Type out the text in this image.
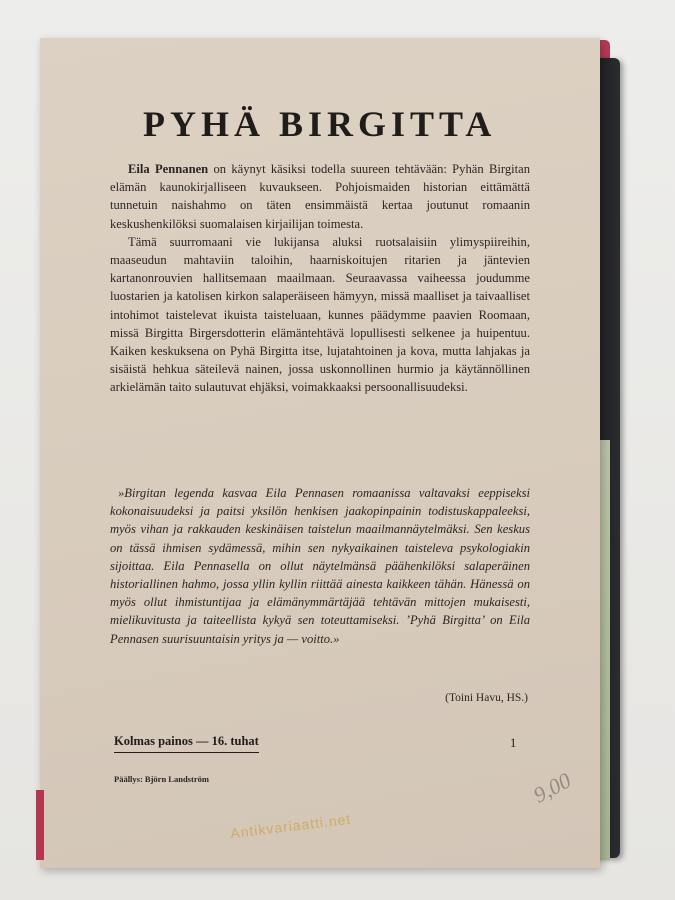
PYHÄ BIRGITTA

Eila Pennanen on käynyt käsiksi todella suureen tehtävään: Pyhän Birgitan elämän kaunokirjalliseen kuvaukseen. Pohjoismaiden historian eittämättä tunnetuin naishahmo on täten ensimmäistä kertaa joutunut romaanin keskushenkilöksi suomalaisen kirjailijan toimesta.

Tämä suurromaani vie lukijansa aluksi ruotsalaisiin ylimyspiireihin, maaseudun mahtaviin taloihin, haarniskoitujen ritarien ja jäntevien kartanonrouvien hallitsemaan maailmaan. Seuraavassa vaiheessa joudumme luostarien ja katolisen kirkon salaperäiseen hämyyn, missä maalliset ja taivaalliset intohimot taistelevat ikuista taisteluaan, kunnes päädymme paavien Roomaan, missä Birgitta Birgersdotterin elämäntehtävä lopullisesti selkenee ja huipentuu. Kaiken keskuksena on Pyhä Birgitta itse, lujatahtoinen ja kova, mutta lahjakas ja sisäistä hehkua säteilevä nainen, jossa uskonnollinen hurmio ja käytännöllinen arkielämän taito sulautuvat ehjäksi, voimakkaaksi persoonallisuudeksi.

»Birgitan legenda kasvaa Eila Pennasen romaanissa valtavaksi eeppiseksi kokonaisuudeksi ja paitsi yksilön henkisen jaakopinpainin todistuskappaleeksi, myös vihan ja rakkauden keskinäisen taistelun maailmannäytelmäksi. Sen keskus on tässä ihmisen sydämessä, mihin sen nykyaikainen taisteleva psykologiakin sijoittaa. Eila Pennasella on ollut näytelmänsä päähenkilöksi salaperäinen historiallinen hahmo, jossa yllin kyllin riittää ainesta kaikkeen tähän. Hänessä on myös ollut ihmistuntijaa ja elämänymmärtäjää tehtävän mittojen mukaisesti, mielikuvitusta ja taiteellista kykyä sen toteuttamiseksi. ’Pyhä Birgitta’ on Eila Pennasen suurisuuntaisin yritys ja — voitto.»

(Toini Havu, HS.)
Kolmas painos — 16. tuhat	1
Päällys: Björn Landström
Antikvariaatti.net
9,00
